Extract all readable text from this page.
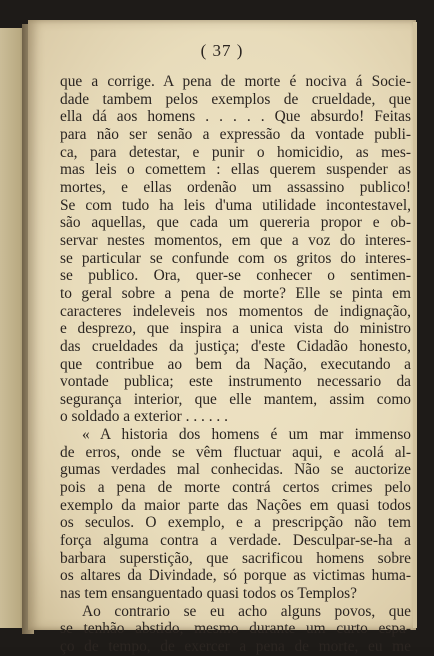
( 37 )
que a corrige. A pena de morte é nociva á Socie-
dade tambem pelos exemplos de crueldade, que
ella dá aos homens . . . . . Que absurdo! Feitas
para não ser senão a expressão da vontade publi-
ca, para detestar, e punir o homicidio, as mes-
mas leis o comettem : ellas querem suspender as
mortes, e ellas ordenão um assassino publico!
Se com tudo ha leis d'uma utilidade incontestavel,
são aquellas, que cada um quereria propor e ob-
servar nestes momentos, em que a voz do interes-
se particular se confunde com os gritos do interes-
se publico. Ora, quer-se conhecer o sentimen-
to geral sobre a pena de morte? Elle se pinta em
caracteres indeleveis nos momentos de indignação,
e desprezo, que inspira a unica vista do ministro
das crueldades da justiça; d'este Cidadão honesto,
que contribue ao bem da Nação, executando a
vontade publica; este instrumento necessario da
segurança interior, que elle mantem, assim como
o soldado a exterior . . . . . .
« A historia dos homens é um mar immenso
de erros, onde se vêm fluctuar aqui, e acolá al-
gumas verdades mal conhecidas. Não se auctorize
pois a pena de morte contrá certos crimes pelo
exemplo da maior parte das Nações em quasi todos
os seculos. O exemplo, e a prescripção não tem
força alguma contra a verdade. Desculpar-se-ha a
barbara superstição, que sacrificou homens sobre
os altares da Divindade, só porque as victimas huma-
nas tem ensanguentado quasi todos os Templos?
Ao contrario se eu acho alguns povos, que
se tenhão abstido, mesmo durante um curto espa-
ço de tempo, de exercer a pena de morte, eu me
